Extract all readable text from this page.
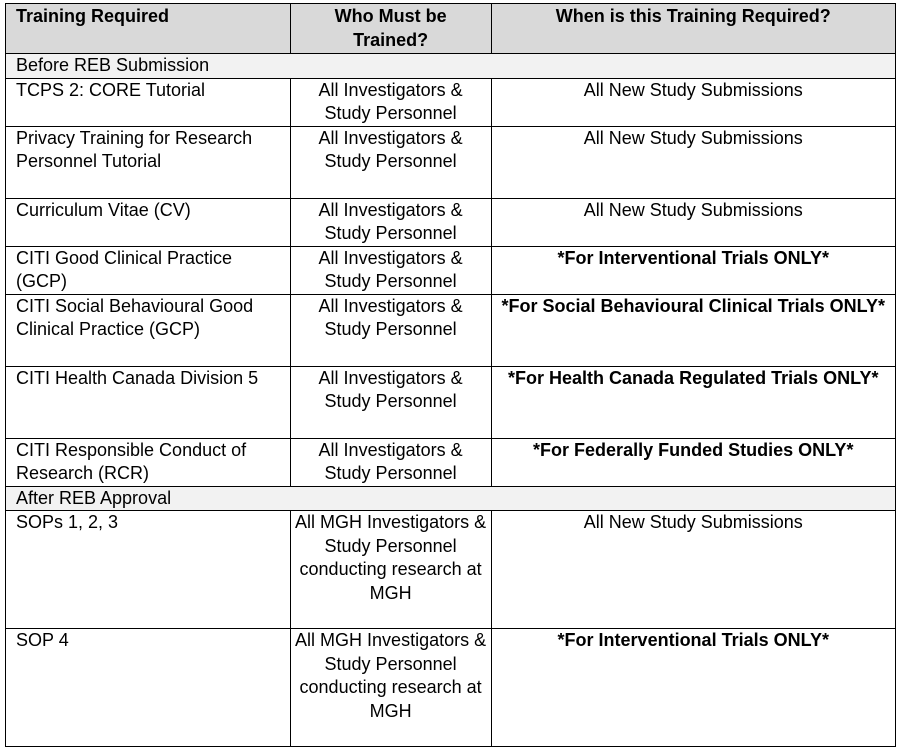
Training Required	Who Must be Trained?	When is this Training Required?
Before REB Submission		
TCPS 2: CORE Tutorial	All Investigators & Study Personnel	All New Study Submissions
Privacy Training for Research Personnel Tutorial	All Investigators & Study Personnel	All New Study Submissions
Curriculum Vitae (CV)	All Investigators & Study Personnel	All New Study Submissions
CITI Good Clinical Practice (GCP)	All Investigators & Study Personnel	*For Interventional Trials ONLY*
CITI Social Behavioural Good Clinical Practice (GCP)	All Investigators & Study Personnel	*For Social Behavioural Clinical Trials ONLY*
CITI Health Canada Division 5	All Investigators & Study Personnel	*For Health Canada Regulated Trials ONLY*
CITI Responsible Conduct of Research (RCR)	All Investigators & Study Personnel	*For Federally Funded Studies ONLY*
After REB Approval		
SOPs 1, 2, 3	All MGH Investigators & Study Personnel conducting research at MGH	All New Study Submissions
SOP 4	All MGH Investigators & Study Personnel conducting research at MGH	*For Interventional Trials ONLY*
